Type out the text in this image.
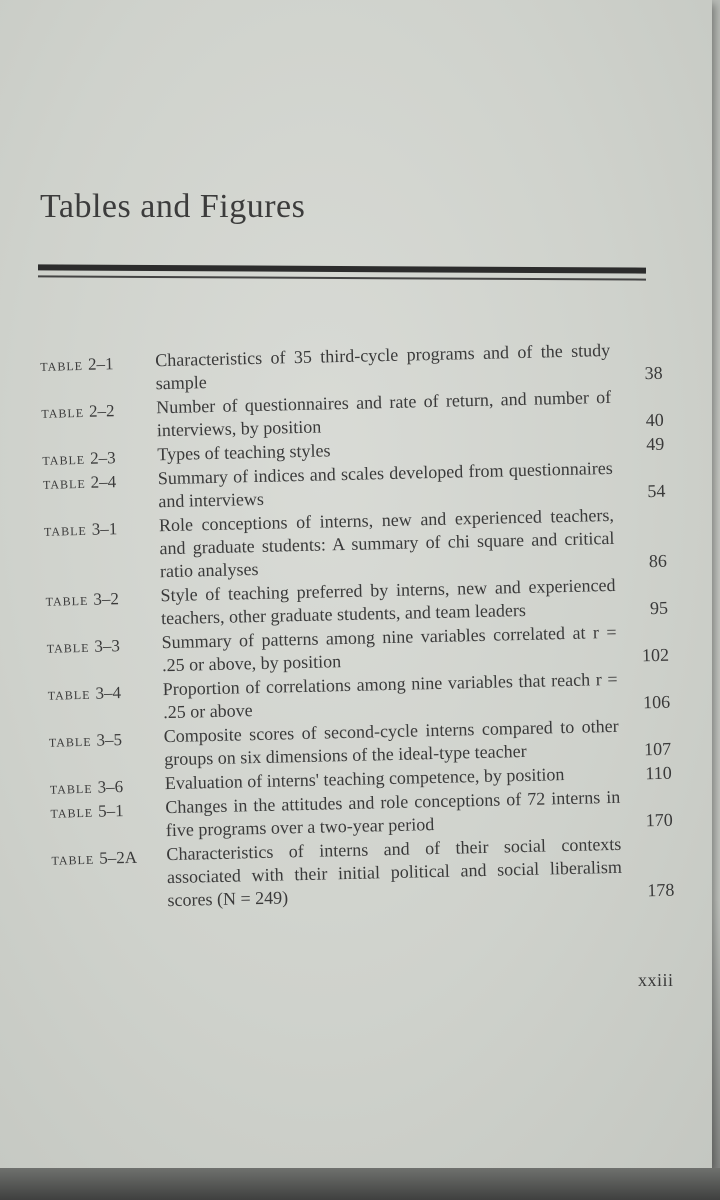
Tables and Figures
TABLE 2–1	Characteristics of 35 third-cycle programs and of the study sample	38
TABLE 2–2	Number of questionnaires and rate of return, and number of interviews, by position	40
TABLE 2–3	Types of teaching styles	49
TABLE 2–4	Summary of indices and scales developed from questionnaires and interviews	54
TABLE 3–1	Role conceptions of interns, new and experienced teachers, and graduate students: A summary of chi square and critical ratio analyses	86
TABLE 3–2	Style of teaching preferred by interns, new and experienced teachers, other graduate students, and team leaders	95
TABLE 3–3	Summary of patterns among nine variables correlated at r = .25 or above, by position	102
TABLE 3–4	Proportion of correlations among nine variables that reach r = .25 or above	106
TABLE 3–5	Composite scores of second-cycle interns compared to other groups on six dimensions of the ideal-type teacher	107
TABLE 3–6	Evaluation of interns' teaching competence, by position	110
TABLE 5–1	Changes in the attitudes and role conceptions of 72 interns in five programs over a two-year period	170
TABLE 5–2A	Characteristics of interns and of their social contexts associated with their initial political and social liberalism scores (N = 249)	178
xxiii
